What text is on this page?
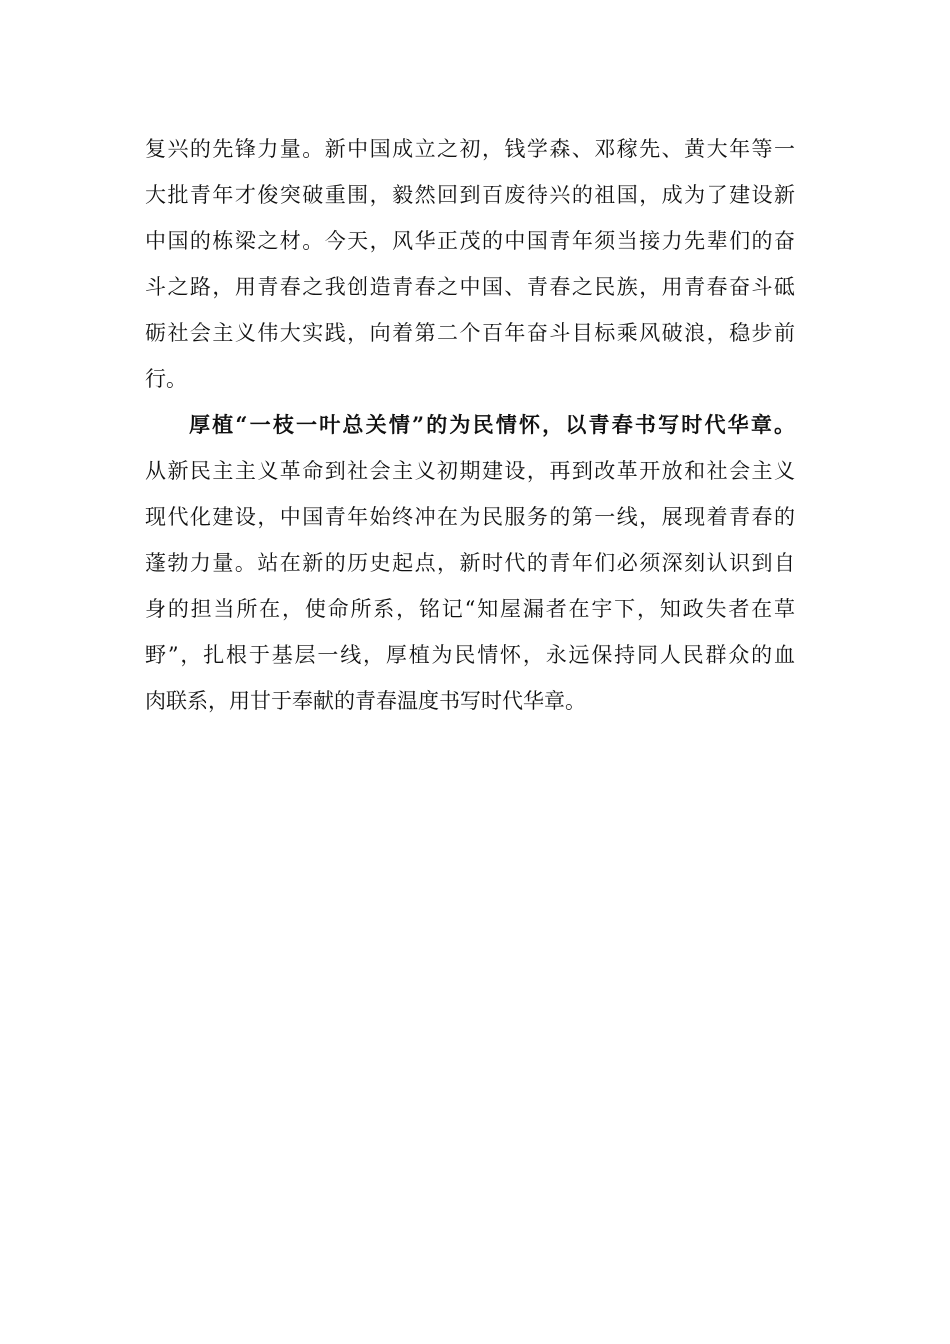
复兴的先锋力量。新中国成立之初，钱学森、邓稼先、黄大年等一
大批青年才俊突破重围，毅然回到百废待兴的祖国，成为了建设新
中国的栋梁之材。今天，风华正茂的中国青年须当接力先辈们的奋
斗之路，用青春之我创造青春之中国、青春之民族，用青春奋斗砥
砺社会主义伟大实践，向着第二个百年奋斗目标乘风破浪，稳步前
行。
厚植“一枝一叶总关情”的为民情怀，以青春书写时代华章。
从新民主主义革命到社会主义初期建设，再到改革开放和社会主义
现代化建设，中国青年始终冲在为民服务的第一线，展现着青春的
蓬勃力量。站在新的历史起点，新时代的青年们必须深刻认识到自
身的担当所在，使命所系，铭记“知屋漏者在宇下，知政失者在草
野”，扎根于基层一线，厚植为民情怀，永远保持同人民群众的血
肉联系，用甘于奉献的青春温度书写时代华章。
